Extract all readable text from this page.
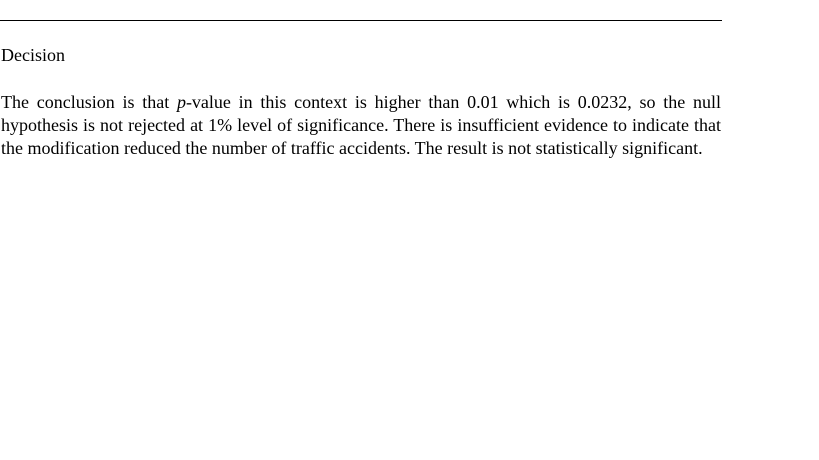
Decision

The conclusion is that p-value in this context is higher than 0.01 which is 0.0232, so the null hypothesis is not rejected at 1% level of significance. There is insufficient evidence to indicate that the modification reduced the number of traffic accidents. The result is not statistically significant.
